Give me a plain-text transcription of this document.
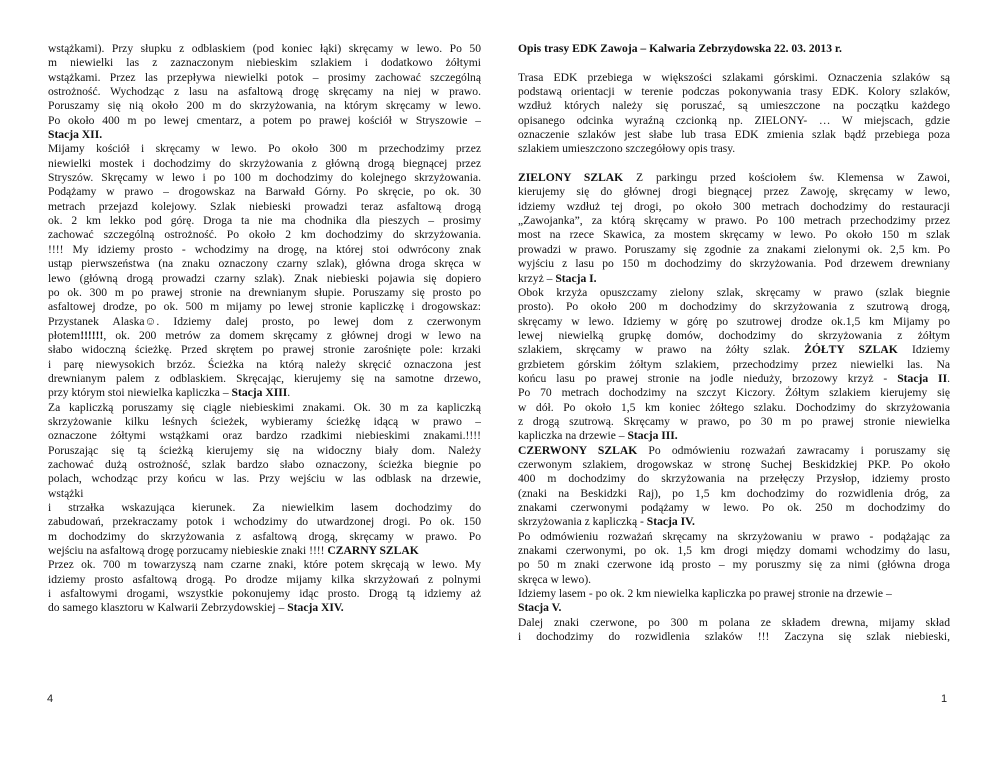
wstążkami). Przy słupku z odblaskiem (pod koniec łąki) skręcamy w lewo. Po 50
m niewielki las z zaznaczonym niebieskim szlakiem i dodatkowo żółtymi
wstążkami. Przez las przepływa niewielki potok – prosimy zachować szczególną
ostrożność. Wychodząc z lasu na asfaltową drogę skręcamy na niej w prawo.
Poruszamy się nią około 200 m do skrzyżowania, na którym skręcamy w lewo.
Po około 400 m po lewej cmentarz, a potem po prawej kościół w Stryszowie –
Stacja XII.
Mijamy kościół i skręcamy w lewo. Po około 300 m przechodzimy przez
niewielki mostek i dochodzimy do skrzyżowania z główną drogą biegnącej przez
Stryszów. Skręcamy w lewo i po 100 m dochodzimy do kolejnego skrzyżowania.
Podążamy w prawo – drogowskaz na Barwałd Górny. Po skręcie, po ok. 30
metrach przejazd kolejowy. Szlak niebieski prowadzi teraz asfaltową drogą
ok. 2 km lekko pod górę. Droga ta nie ma chodnika dla pieszych – prosimy
zachować szczególną ostrożność. Po około 2 km dochodzimy do skrzyżowania.
!!!! My idziemy prosto - wchodzimy na drogę, na której stoi odwrócony znak
ustąp pierwszeństwa (na znaku oznaczony czarny szlak), główna droga skręca w
lewo (główną drogą prowadzi czarny szlak). Znak niebieski pojawia się dopiero
po ok. 300 m po prawej stronie na drewnianym słupie. Poruszamy się prosto po
asfaltowej drodze, po ok. 500 m mijamy po lewej stronie kapliczkę i drogowskaz:
Przystanek Alaska☺. Idziemy dalej prosto, po lewej dom z czerwonym
płotem!!!!!!, ok. 200 metrów za domem skręcamy z głównej drogi w lewo na
słabo widoczną ścieżkę. Przed skrętem po prawej stronie zarośnięte pole: krzaki
i parę niewysokich brzóz. Ścieżka na którą należy skręcić oznaczona jest
drewnianym palem z odblaskiem. Skręcając, kierujemy się na samotne drzewo,
przy którym stoi niewielka kapliczka – Stacja XIII.
Za kapliczką poruszamy się ciągle niebieskimi znakami. Ok. 30 m za kapliczką
skrzyżowanie kilku leśnych ścieżek, wybieramy ścieżkę idącą w prawo –
oznaczone żółtymi wstążkami oraz bardzo rzadkimi niebieskimi znakami.!!!!
Poruszając się tą ścieżką kierujemy się na widoczny biały dom. Należy
zachować dużą ostrożność, szlak bardzo słabo oznaczony, ścieżka biegnie po
polach, wchodząc przy końcu w las. Przy wejściu w las odblask na drzewie,
wstążki
i strzałka wskazująca kierunek. Za niewielkim lasem dochodzimy do
zabudowań, przekraczamy potok i wchodzimy do utwardzonej drogi. Po ok. 150
m dochodzimy do skrzyżowania z asfaltową drogą, skręcamy w prawo. Po
wejściu na asfaltową drogę porzucamy niebieskie znaki !!!! CZARNY SZLAK
Przez ok. 700 m towarzyszą nam czarne znaki, które potem skręcają w lewo. My
idziemy prosto asfaltową drogą. Po drodze mijamy kilka skrzyżowań z polnymi
i asfaltowymi drogami, wszystkie pokonujemy idąc prosto. Drogą tą idziemy aż
do samego klasztoru w Kalwarii Zebrzydowskiej – Stacja XIV.
4
Opis trasy EDK Zawoja – Kalwaria Zebrzydowska 22. 03. 2013 r.
Trasa EDK przebiega w większości szlakami górskimi. Oznaczenia szlaków są
podstawą orientacji w terenie podczas pokonywania trasy EDK. Kolory szlaków,
wzdłuż których należy się poruszać, są umieszczone na początku każdego
opisanego odcinka wyraźną czcionką np. ZIELONY- … W miejscach, gdzie
oznaczenie szlaków jest słabe lub trasa EDK zmienia szlak bądź przebiega poza
szlakiem umieszczono szczegółowy opis trasy.
ZIELONY SZLAK Z parkingu przed kościołem św. Klemensa w Zawoi,
kierujemy się do głównej drogi biegnącej przez Zawoję, skręcamy w lewo,
idziemy wzdłuż tej drogi, po około 300 metrach dochodzimy do restauracji
„Zawojanka”, za którą skręcamy w prawo. Po 100 metrach przechodzimy przez
most na rzece Skawica, za mostem skręcamy w lewo. Po około 150 m szlak
prowadzi w prawo. Poruszamy się zgodnie za znakami zielonymi ok. 2,5 km. Po
wyjściu z lasu po 150 m dochodzimy do skrzyżowania. Pod drzewem drewniany
krzyż – Stacja I.
Obok krzyża opuszczamy zielony szlak, skręcamy w prawo (szlak biegnie
prosto). Po około 200 m dochodzimy do skrzyżowania z szutrową drogą,
skręcamy w lewo. Idziemy w górę po szutrowej drodze ok.1,5 km Mijamy po
lewej niewielką grupkę domów, dochodzimy do skrzyżowania z żółtym
szlakiem, skręcamy w prawo na żółty szlak. ŻÓŁTY SZLAK Idziemy
grzbietem górskim żółtym szlakiem, przechodzimy przez niewielki las. Na
końcu lasu po prawej stronie na jodle nieduży, brzozowy krzyż - Stacja II.
Po 70 metrach dochodzimy na szczyt Kiczory. Żółtym szlakiem kierujemy się
w dół. Po około 1,5 km koniec żółtego szlaku. Dochodzimy do skrzyżowania
z drogą szutrową. Skręcamy w prawo, po 30 m po prawej stronie niewielka
kapliczka na drzewie – Stacja III.
CZERWONY SZLAK Po odmówieniu rozważań zawracamy i poruszamy się
czerwonym szlakiem, drogowskaz w stronę Suchej Beskidzkiej PKP. Po około
400 m dochodzimy do skrzyżowania na przełęczy Przysłop, idziemy prosto
(znaki na Beskidzki Raj), po 1,5 km dochodzimy do rozwidlenia dróg, za
znakami czerwonymi podążamy w lewo. Po ok. 250 m dochodzimy do
skrzyżowania z kapliczką - Stacja IV.
Po odmówieniu rozważań skręcamy na skrzyżowaniu w prawo - podążając za
znakami czerwonymi, po ok. 1,5 km drogi między domami wchodzimy do lasu,
po 50 m znaki czerwone idą prosto – my poruszmy się za nimi (główna droga
skręca w lewo).
Idziemy lasem - po ok. 2 km niewielka kapliczka po prawej stronie na drzewie –
Stacja V.
Dalej znaki czerwone, po 300 m polana ze składem drewna, mijamy skład
i dochodzimy do rozwidlenia szlaków !!! Zaczyna się szlak niebieski,
1
